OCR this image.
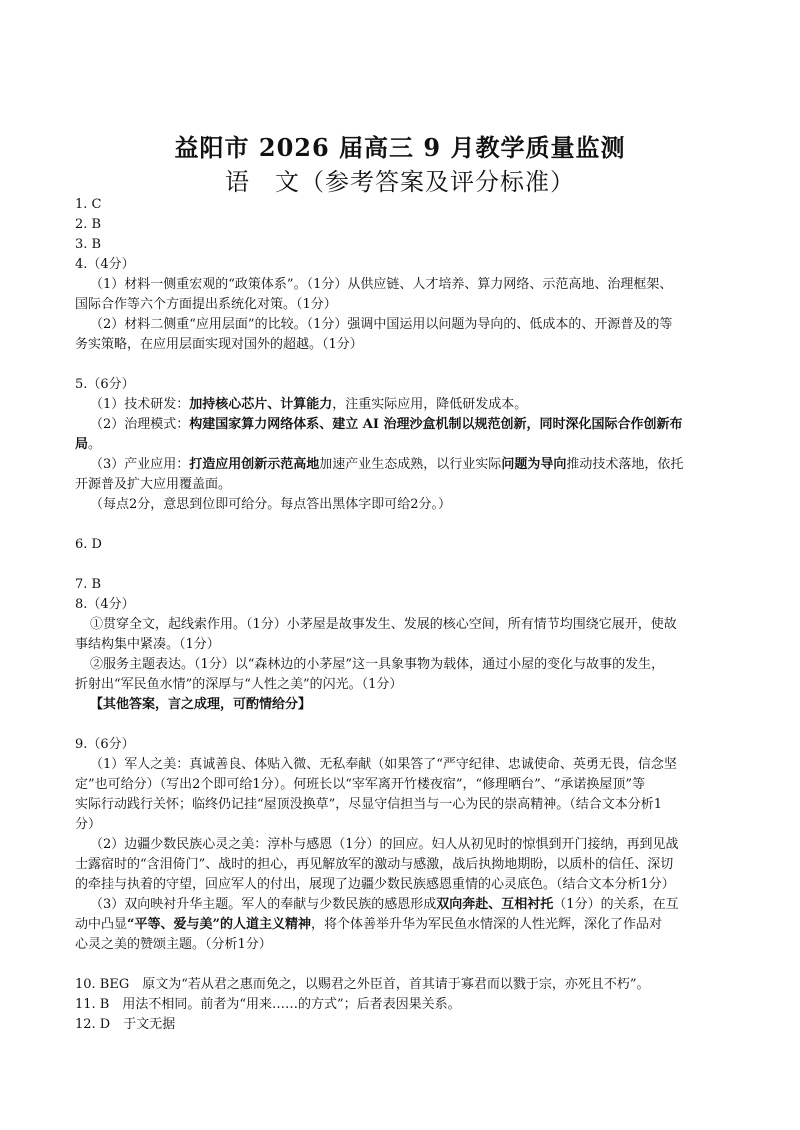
益阳市 2026 届高三 9 月教学质量监测
语　文（参考答案及评分标准）
1. C
2. B
3. B
4.（4分）
（1）材料一侧重宏观的“政策体系”。（1分）从供应链、人才培养、算力网络、示范高地、治理框架、
国际合作等六个方面提出系统化对策。（1分）
（2）材料二侧重“应用层面”的比较。（1分）强调中国运用以问题为导向的、低成本的、开源普及的等
务实策略，在应用层面实现对国外的超越。（1分）
5.（6分）
（1）技术研发：加持核心芯片、计算能力，注重实际应用，降低研发成本。
（2）治理模式：构建国家算力网络体系、建立 AI 治理沙盒机制以规范创新，同时深化国际合作创新布
局。
（3）产业应用：打造应用创新示范高地加速产业生态成熟，以行业实际问题为导向推动技术落地，依托
开源普及扩大应用覆盖面。
（每点2分，意思到位即可给分。每点答出黑体字即可给2分。）
6. D
7. B
8.（4分）
①贯穿全文，起线索作用。（1分）小茅屋是故事发生、发展的核心空间，所有情节均围绕它展开，使故
事结构集中紧凑。（1分）
②服务主题表达。（1分）以“森林边的小茅屋”这一具象事物为载体，通过小屋的变化与故事的发生，
折射出“军民鱼水情”的深厚与“人性之美”的闪光。（1分）
【其他答案，言之成理，可酌情给分】
9.（6分）
（1）军人之美：真诚善良、体贴入微、无私奉献（如果答了“严守纪律、忠诚使命、英勇无畏，信念坚
定”也可给分）（写出2个即可给1分）。何班长以“宰军离开竹楼夜宿”，“修理晒台”、“承诺换屋顶”等
实际行动践行关怀；临终仍记挂“屋顶没换草”，尽显守信担当与一心为民的崇高精神。（结合文本分析1
分）
（2）边疆少数民族心灵之美：淳朴与感恩（1分）的回应。妇人从初见时的惊惧到开门接纳，再到见战
士露宿时的“含泪倚门”、战时的担心，再见解放军的激动与感激，战后执拗地期盼，以质朴的信任、深切
的牵挂与执着的守望，回应军人的付出，展现了边疆少数民族感恩重情的心灵底色。（结合文本分析1分）
（3）双向映衬升华主题。军人的奉献与少数民族的感恩形成双向奔赴、互相衬托（1分）的关系，在互
动中凸显“平等、爱与美”的人道主义精神，将个体善举升华为军民鱼水情深的人性光辉，深化了作品对
心灵之美的赞颂主题。（分析1分）
10. BEG　原文为“若从君之惠而免之，以赐君之外臣首，首其请于寡君而以戮于宗，亦死且不朽”。
11. B　用法不相同。前者为“用来……的方式”；后者表因果关系。
12. D　于文无据
